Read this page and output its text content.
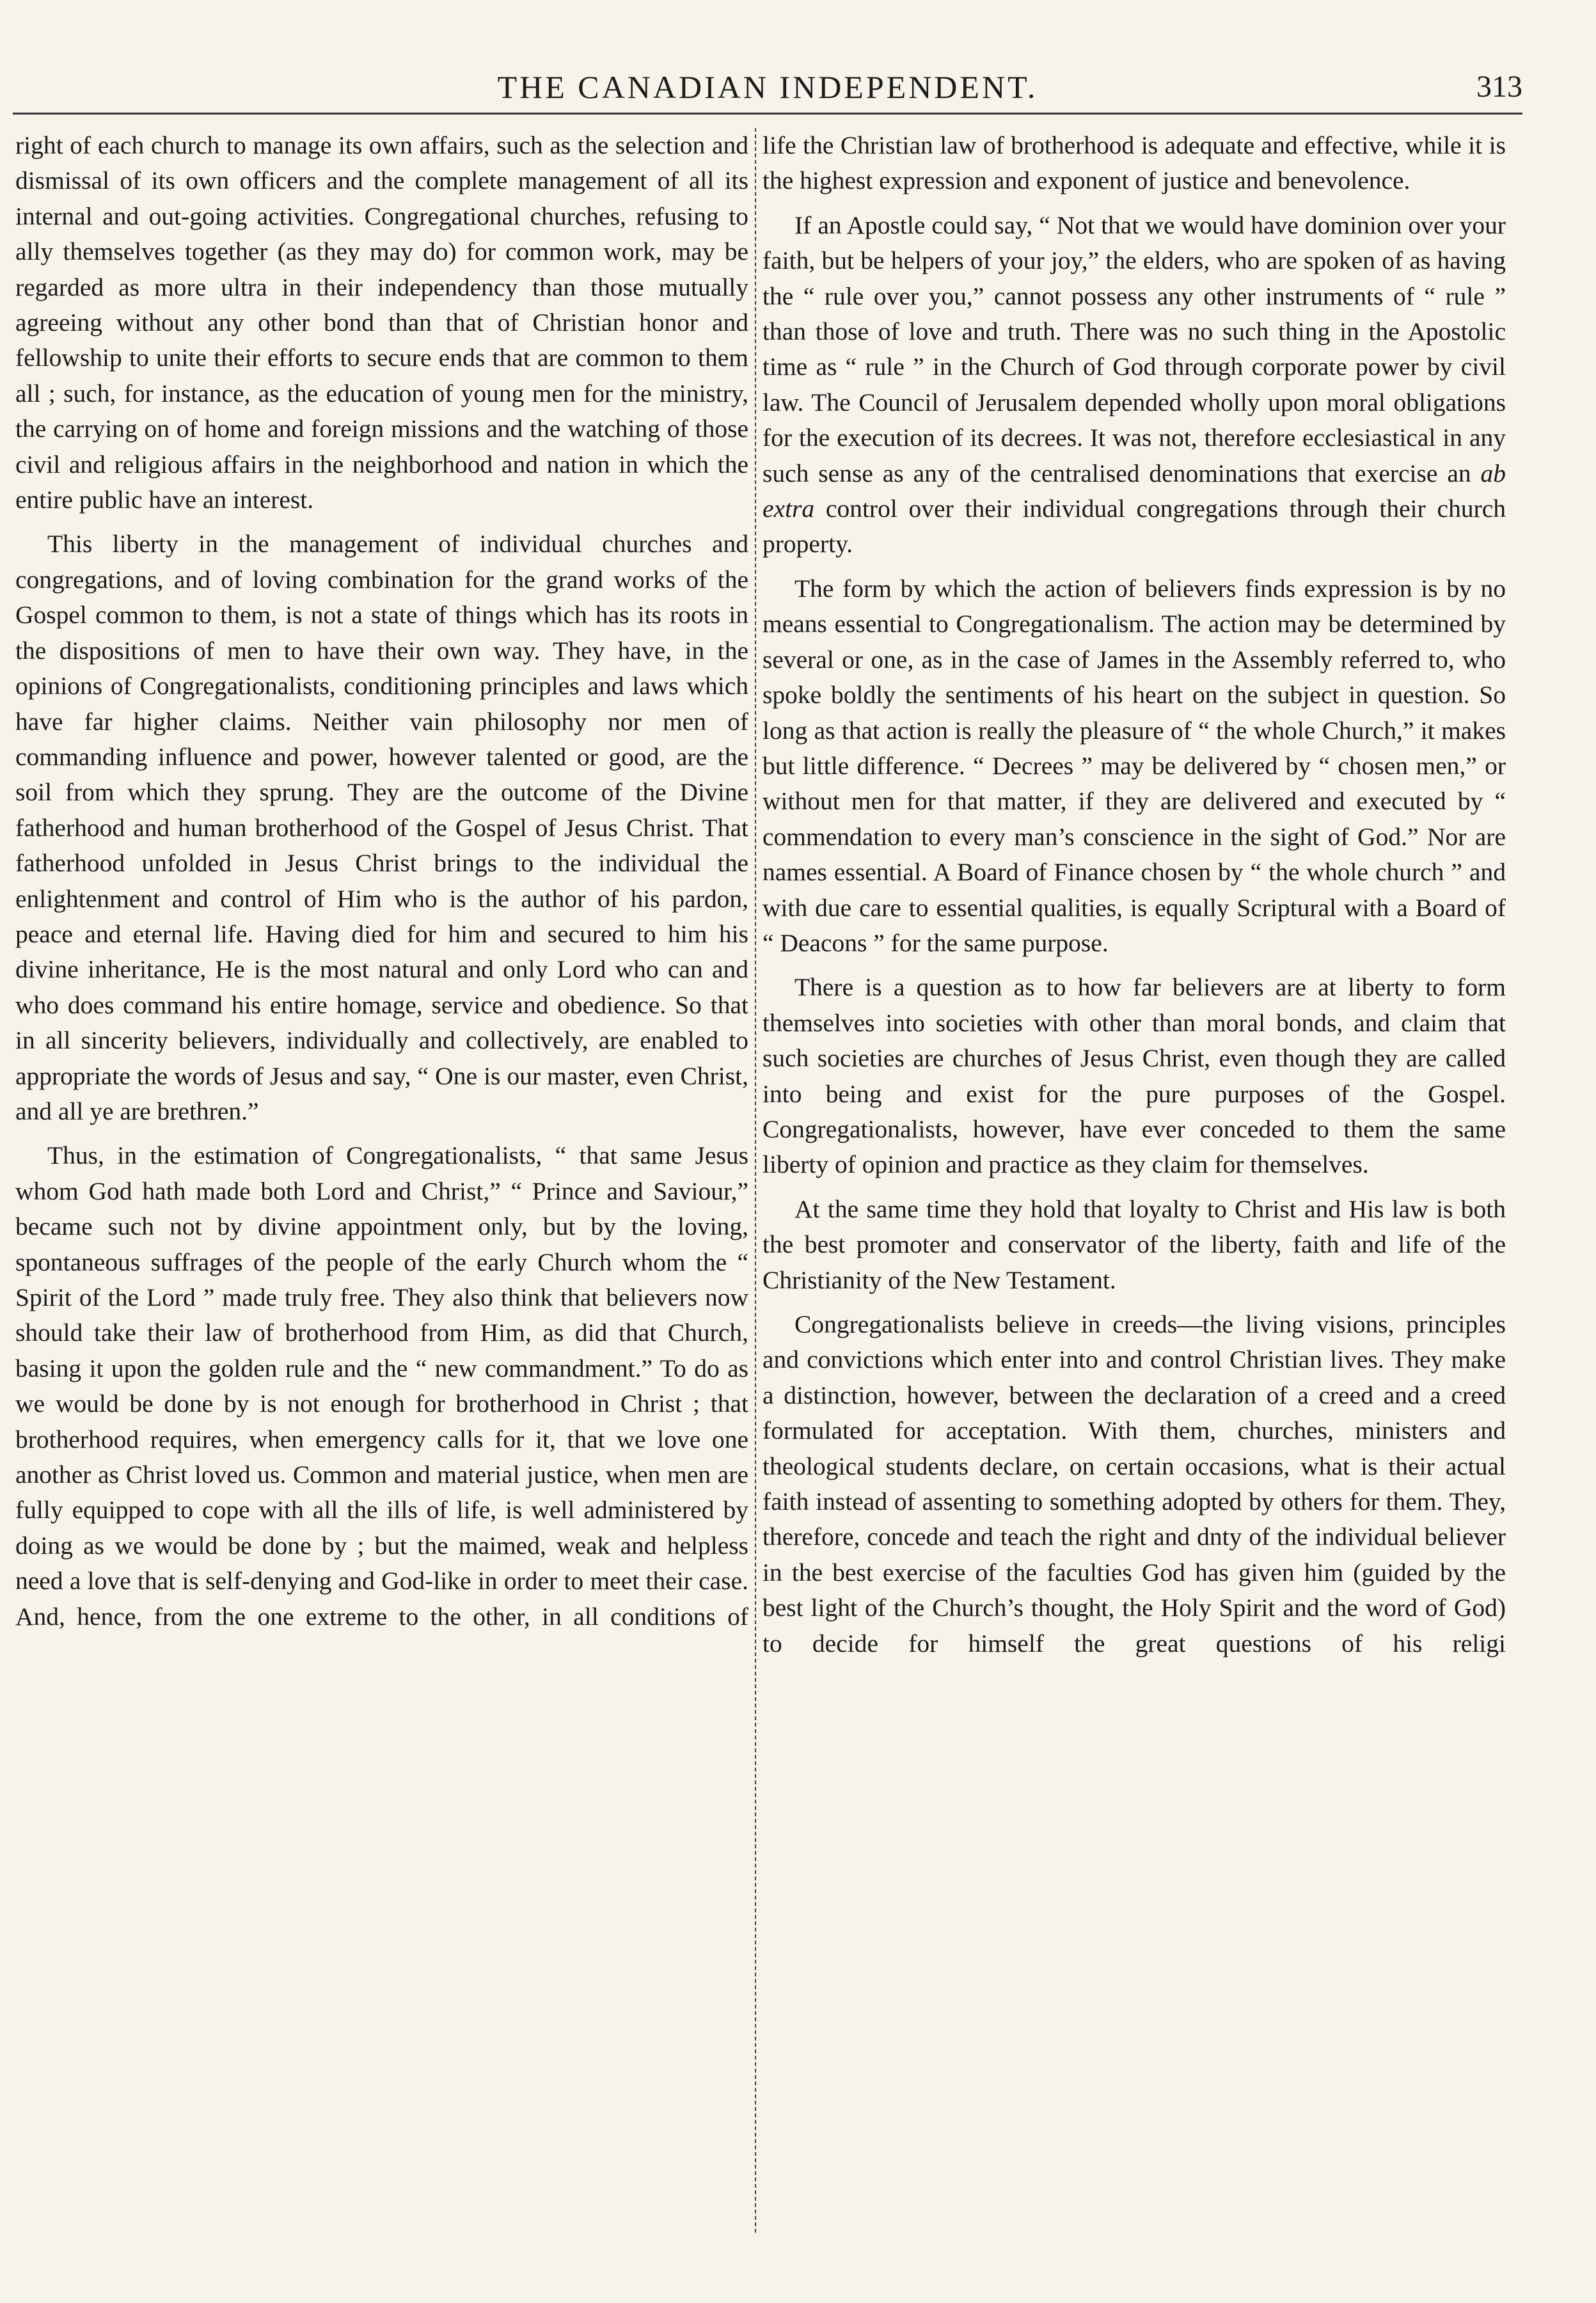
THE CANADIAN INDEPENDENT.	313

right of each church to manage its own affairs, such as the selection and dismissal of its own officers and the complete management of all its internal and out-going activities. Congregational churches, refusing to ally themselves together (as they may do) for common work, may be regarded as more ultra in their independency than those mutually agreeing without any other bond than that of Christian honor and fellowship to unite their efforts to secure ends that are common to them all ; such, for instance, as the education of young men for the ministry, the carrying on of home and foreign missions and the watching of those civil and religious affairs in the neighborhood and nation in which the entire public have an interest.

This liberty in the management of individual churches and congregations, and of loving combination for the grand works of the Gospel common to them, is not a state of things which has its roots in the dispositions of men to have their own way. They have, in the opinions of Congregationalists, conditioning principles and laws which have far higher claims. Neither vain philosophy nor men of commanding influence and power, however talented or good, are the soil from which they sprung. They are the outcome of the Divine fatherhood and human brotherhood of the Gospel of Jesus Christ. That fatherhood unfolded in Jesus Christ brings to the individual the enlightenment and control of Him who is the author of his pardon, peace and eternal life. Having died for him and secured to him his divine inheritance, He is the most natural and only Lord who can and who does command his entire homage, service and obedience. So that in all sincerity believers, individually and collectively, are enabled to appropriate the words of Jesus and say, “ One is our master, even Christ, and all ye are brethren.”

Thus, in the estimation of Congregationalists, “ that same Jesus whom God hath made both Lord and Christ,” “ Prince and Saviour,” became such not by divine appointment only, but by the loving, spontaneous suffrages of the people of the early Church whom the “ Spirit of the Lord ” made truly free. They also think that believers now should take their law of brotherhood from Him, as did that Church, basing it upon the golden rule and the “ new commandment.” To do as we would be done by is not enough for brotherhood in Christ ; that brotherhood requires, when emergency calls for it, that we love one another as Christ loved us. Common and material justice, when men are fully equipped to cope with all the ills of life, is well administered by doing as we would be done by ; but the maimed, weak and helpless need a love that is self-denying and God-like in order to meet their case. And, hence, from the one extreme to the other, in all conditions of

life the Christian law of brotherhood is adequate and effective, while it is the highest expression and exponent of justice and benevolence.

If an Apostle could say, “ Not that we would have dominion over your faith, but be helpers of your joy,” the elders, who are spoken of as having the “ rule over you,” cannot possess any other instruments of “ rule ” than those of love and truth. There was no such thing in the Apostolic time as “ rule ” in the Church of God through corporate power by civil law. The Council of Jerusalem depended wholly upon moral obligations for the execution of its decrees. It was not, therefore ecclesiastical in any such sense as any of the centralised denominations that exercise an ab extra control over their individual congregations through their church property.

The form by which the action of believers finds expression is by no means essential to Congregationalism. The action may be determined by several or one, as in the case of James in the Assembly referred to, who spoke boldly the sentiments of his heart on the subject in question. So long as that action is really the pleasure of “ the whole Church,” it makes but little difference. “ Decrees ” may be delivered by “ chosen men,” or without men for that matter, if they are delivered and executed by “ commendation to every man’s conscience in the sight of God.” Nor are names essential. A Board of Finance chosen by “ the whole church ” and with due care to essential qualities, is equally Scriptural with a Board of “ Deacons ” for the same purpose.

There is a question as to how far believers are at liberty to form themselves into societies with other than moral bonds, and claim that such societies are churches of Jesus Christ, even though they are called into being and exist for the pure purposes of the Gospel. Congregationalists, however, have ever conceded to them the same liberty of opinion and practice as they claim for themselves.

At the same time they hold that loyalty to Christ and His law is both the best promoter and conservator of the liberty, faith and life of the Christianity of the New Testament.

Congregationalists believe in creeds—the living visions, principles and convictions which enter into and control Christian lives. They make a distinction, however, between the declaration of a creed and a creed formulated for acceptation. With them, churches, ministers and theological students declare, on certain occasions, what is their actual faith instead of assenting to something adopted by others for them. They, therefore, concede and teach the right and dnty of the individual believer in the best exercise of the faculties God has given him (guided by the best light of the Church’s thought, the Holy Spirit and the word of God) to decide for himself the great questions of his religi
